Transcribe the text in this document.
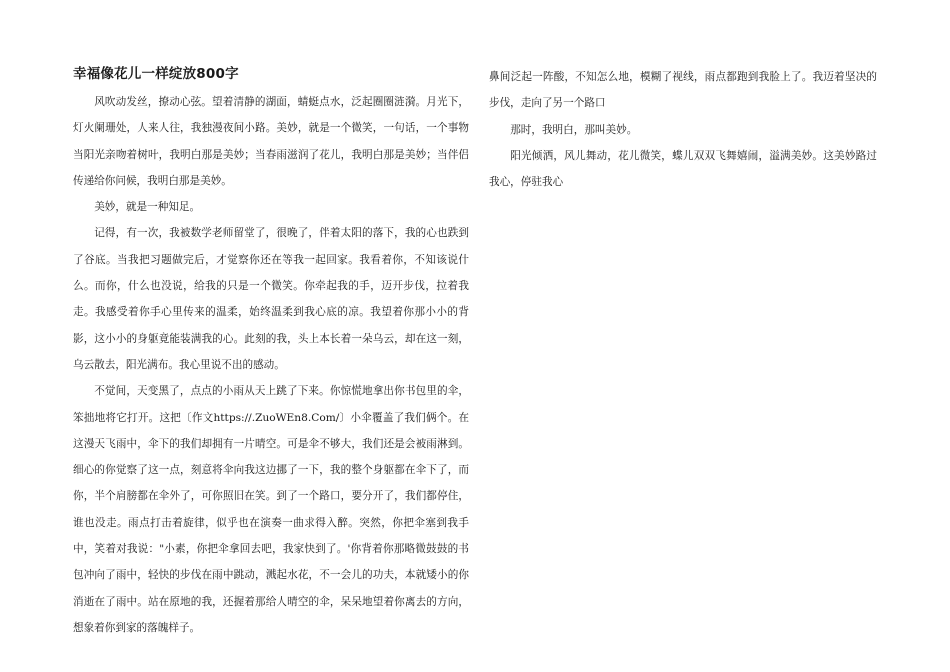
幸福像花儿一样绽放800字

风吹动发丝，撩动心弦。望着清静的湖面，蜻蜓点水，泛起圈圈涟漪。月光下，灯火阑珊处，人来人往，我独漫夜间小路。美妙，就是一个微笑，一句话，一个事物当阳光亲吻着树叶，我明白那是美妙；当春雨滋润了花儿，我明白那是美妙；当伴侣传递给你问候，我明白那是美妙。

美妙，就是一种知足。

记得，有一次，我被数学老师留堂了，很晚了，伴着太阳的落下，我的心也跌到了谷底。当我把习题做完后，才觉察你还在等我一起回家。我看着你，不知该说什么。而你，什么也没说，给我的只是一个微笑。你牵起我的手，迈开步伐，拉着我走。我感受着你手心里传来的温柔，始终温柔到我心底的凉。我望着你那小小的背影，这小小的身躯竟能装满我的心。此刻的我，头上本长着一朵乌云，却在这一刻，乌云散去，阳光满布。我心里说不出的感动。

不觉间，天变黑了，点点的小雨从天上跳了下来。你惊慌地拿出你书包里的伞，笨拙地将它打开。这把〔作文https://.ZuoWEn8.Com/〕小伞覆盖了我们俩个。在这漫天飞雨中，伞下的我们却拥有一片晴空。可是伞不够大，我们还是会被雨淋到。细心的你觉察了这一点，刻意将伞向我这边挪了一下，我的整个身躯都在伞下了，而你，半个肩膀都在伞外了，可你照旧在笑。到了一个路口，要分开了，我们都停住，谁也没走。雨点打击着旋律，似乎也在演奏一曲求得入醉。突然，你把伞塞到我手中，笑着对我说："小素，你把伞拿回去吧，我家快到了。'你背着你那略微鼓鼓的书包冲向了雨中，轻快的步伐在雨中跳动，溅起水花，不一会儿的功夫，本就矮小的你消逝在了雨中。站在原地的我，还握着那给人晴空的伞，呆呆地望着你离去的方向，想象着你到家的落魄样子。

鼻间泛起一阵酸，不知怎么地，模糊了视线，雨点都跑到我脸上了。我迈着坚决的步伐，走向了另一个路口

那时，我明白，那叫美妙。

阳光倾洒，风儿舞动，花儿微笑，蝶儿双双飞舞嬉闹，溢满美妙。这美妙路过我心，停驻我心
